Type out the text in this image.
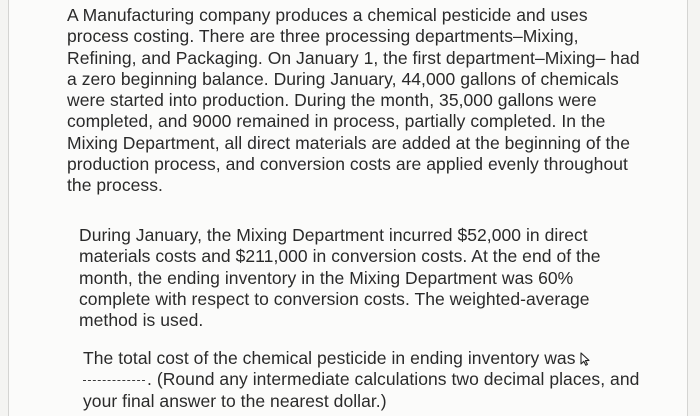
A Manufacturing company produces a chemical pesticide and uses process costing. There are three processing departments–Mixing, Refining, and Packaging. On January 1, the first department–Mixing– had a zero beginning balance. During January, 44,000 gallons of chemicals were started into production. During the month, 35,000 gallons were completed, and 9000 remained in process, partially completed. In the Mixing Department, all direct materials are added at the beginning of the production process, and conversion costs are applied evenly throughout the process.

During January, the Mixing Department incurred $52,000 in direct materials costs and $211,000 in conversion costs. At the end of the month, the ending inventory in the Mixing Department was 60% complete with respect to conversion costs. The weighted-average method is used.

The total cost of the chemical pesticide in ending inventory was
. (Round any intermediate calculations two decimal places, and your final answer to the nearest dollar.)
